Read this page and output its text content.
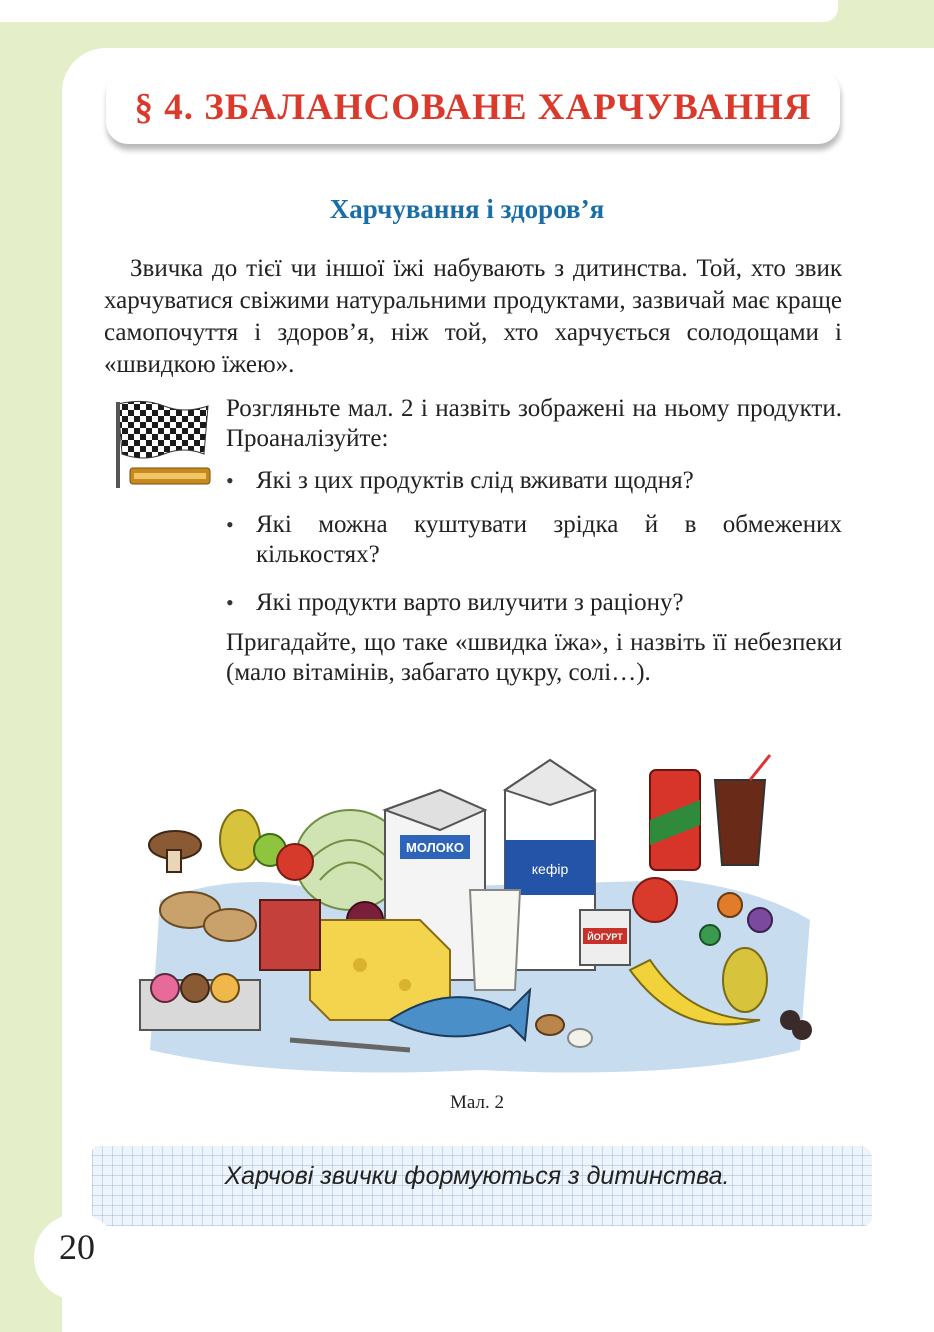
§ 4. ЗБАЛАНСОВАНЕ ХАРЧУВАННЯ
Харчування і здоров’я
Звичка до тієї чи іншої їжі набувають з дитинства. Той, хто звик харчуватися свіжими натуральними продуктами, зазвичай має краще самопочуття і здоров’я, ніж той, хто харчується солодощами і «швидкою їжею».
Розгляньте мал. 2 і назвіть зображені на ньому продукти. Проаналізуйте:
• Які з цих продуктів слід вживати щодня?
• Які можна куштувати зрідка й в обмежених кількостях?
• Які продукти варто вилучити з раціону?
Пригадайте, що таке «швидка їжа», і назвіть її небезпеки (мало вітамінів, забагато цукру, солі…).
МОЛОКО
кефір
ЙОГУРТ
Мал. 2
Харчові звички формуються з дитинства.
20
